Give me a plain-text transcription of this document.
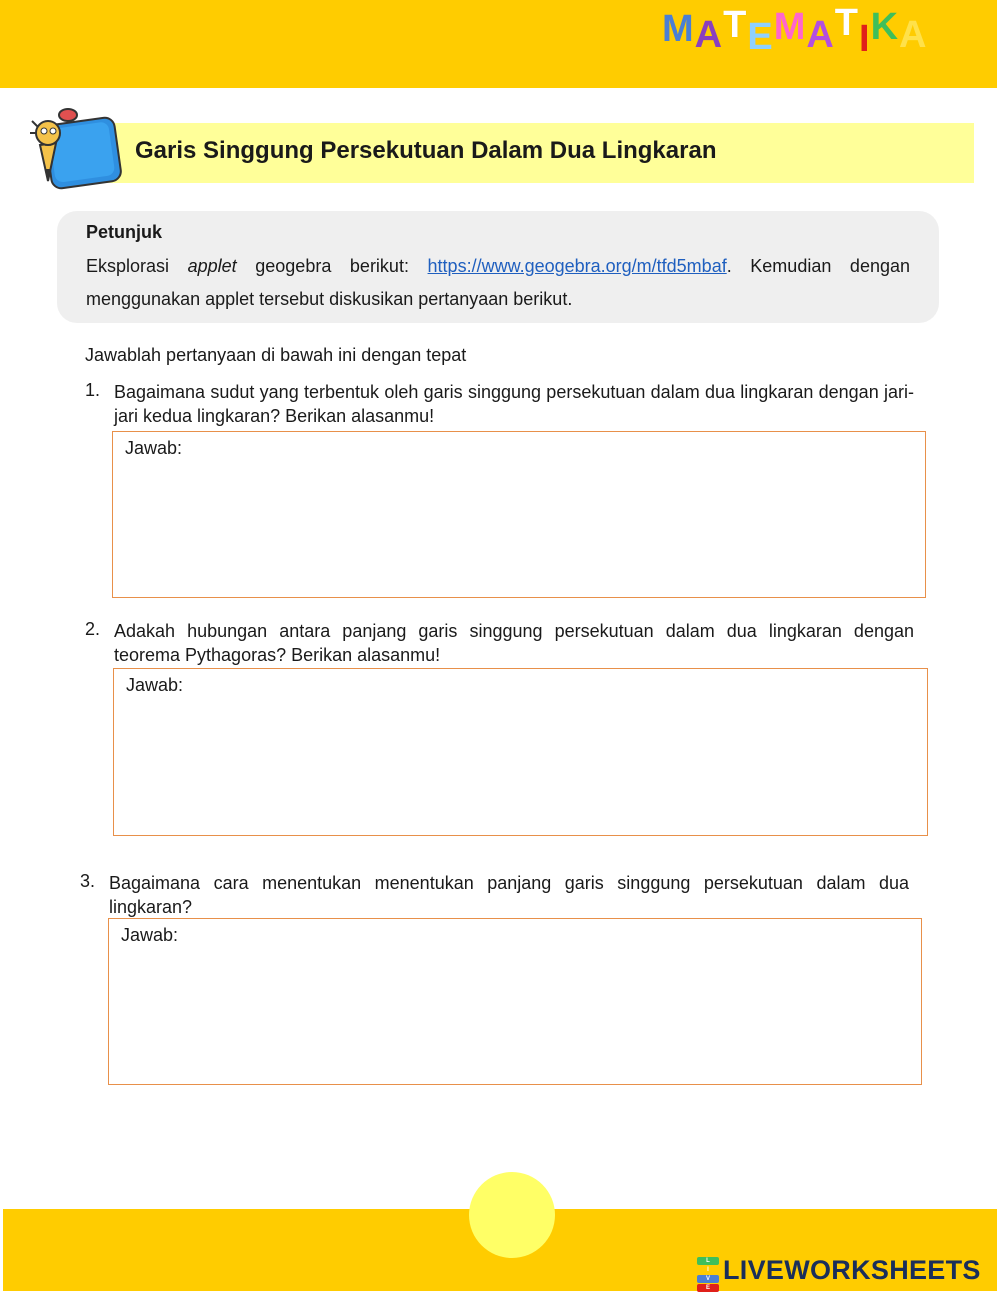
MATEMATIKA
Garis Singgung Persekutuan Dalam Dua Lingkaran
Petunjuk
Eksplorasi applet geogebra berikut: https://www.geogebra.org/m/tfd5mbaf. Kemudian dengan
menggunakan applet tersebut diskusikan pertanyaan berikut.
Jawablah pertanyaan di bawah ini dengan tepat
1. Bagaimana sudut yang terbentuk oleh garis singgung persekutuan dalam dua lingkaran dengan jari-jari kedua lingkaran? Berikan alasanmu!
Jawab:
2. Adakah hubungan antara panjang garis singgung persekutuan dalam dua lingkaran dengan teorema Pythagoras? Berikan alasanmu!
Jawab:
3. Bagaimana cara menentukan menentukan panjang garis singgung persekutuan dalam dua lingkaran?
Jawab:
L
I
V
E
LIVEWORKSHEETS
